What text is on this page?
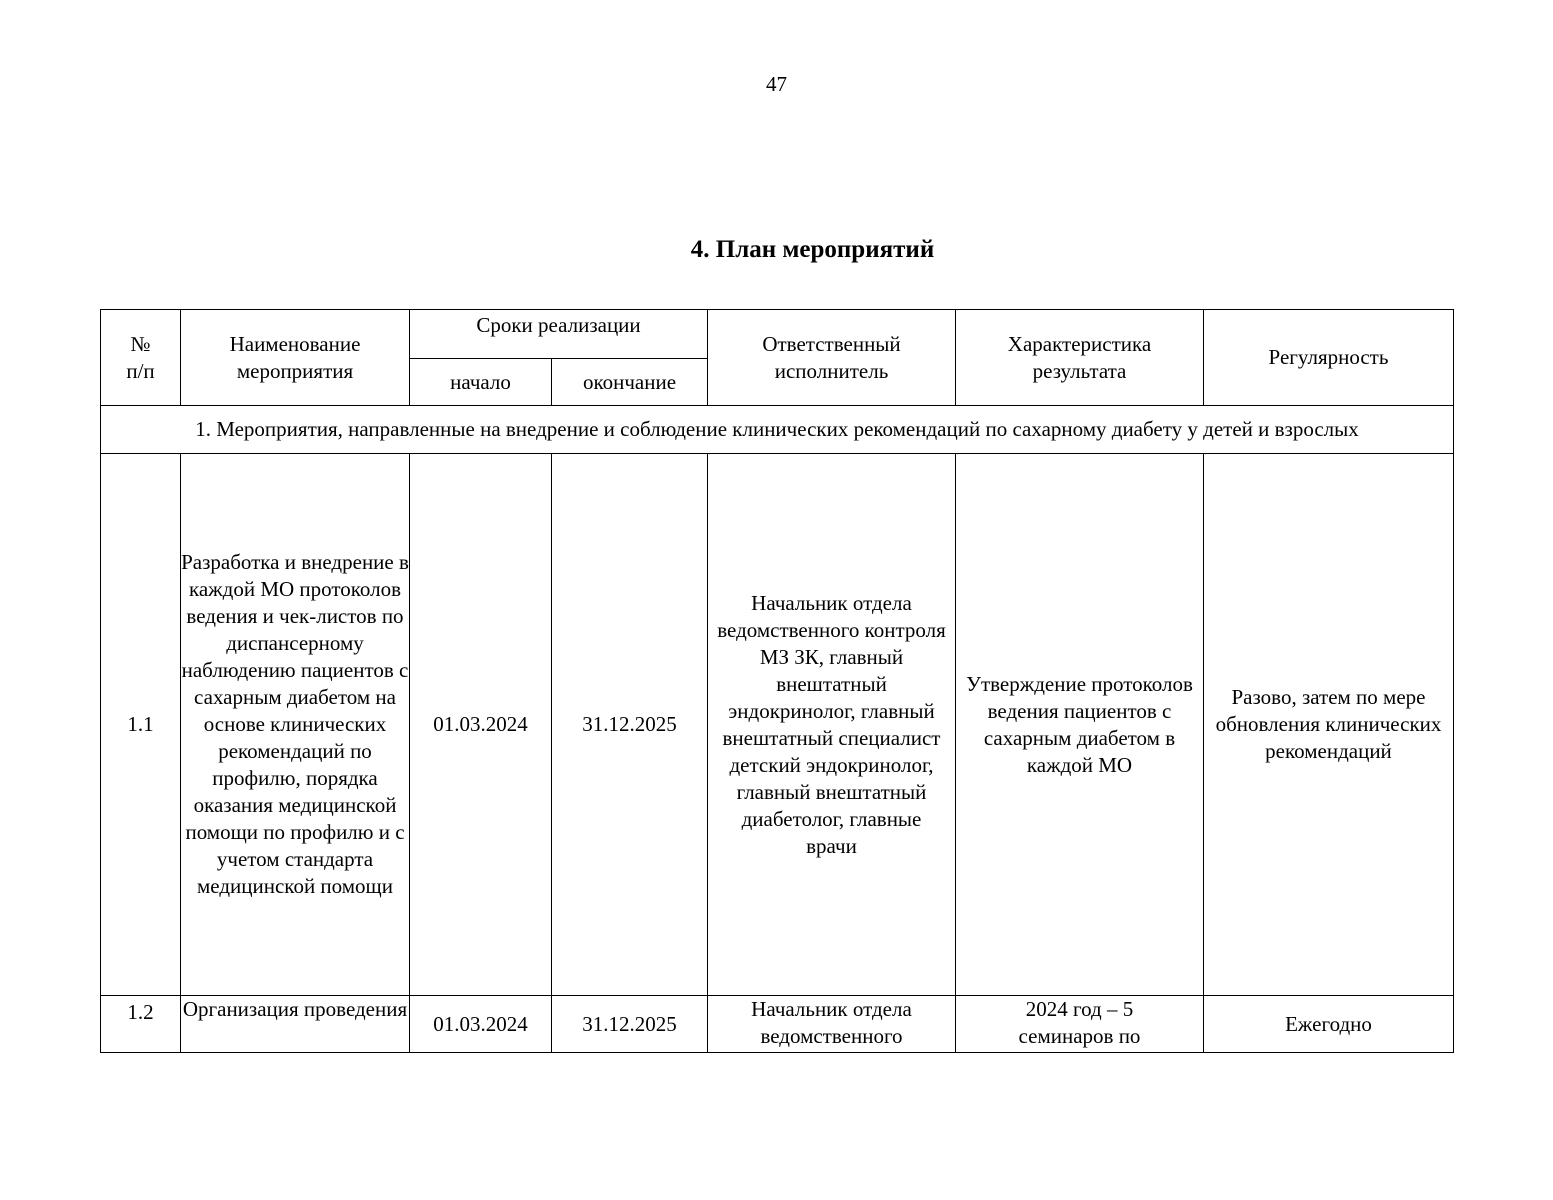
47
4. План мероприятий
№ п/п	Наименование мероприятия	Сроки реализации		Ответственный исполнитель	Характеристика результата	Регулярность
		начало	окончание			
1. Мероприятия, направленные на внедрение и соблюдение клинических рекомендаций по сахарному диабету у детей и взрослых						
1.1	Разработка и внедрение в каждой МО протоколов ведения и чек-листов по диспансерному наблюдению пациентов с сахарным диабетом на основе клинических рекомендаций по профилю, порядка оказания медицинской помощи по профилю и с учетом стандарта медицинской помощи	01.03.2024	31.12.2025	Начальник отдела ведомственного контроля МЗ ЗК, главный внештатный эндокринолог, главный внештатный специалист детский эндокринолог, главный внештатный диабетолог, главные врачи	Утверждение протоколов ведения пациентов с сахарным диабетом в каждой МО	Разово, затем по мере обновления клинических рекомендаций
1.2	Организация проведения	01.03.2024	31.12.2025	Начальник отдела ведомственного	2024 год – 5 семинаров по	Ежегодно
